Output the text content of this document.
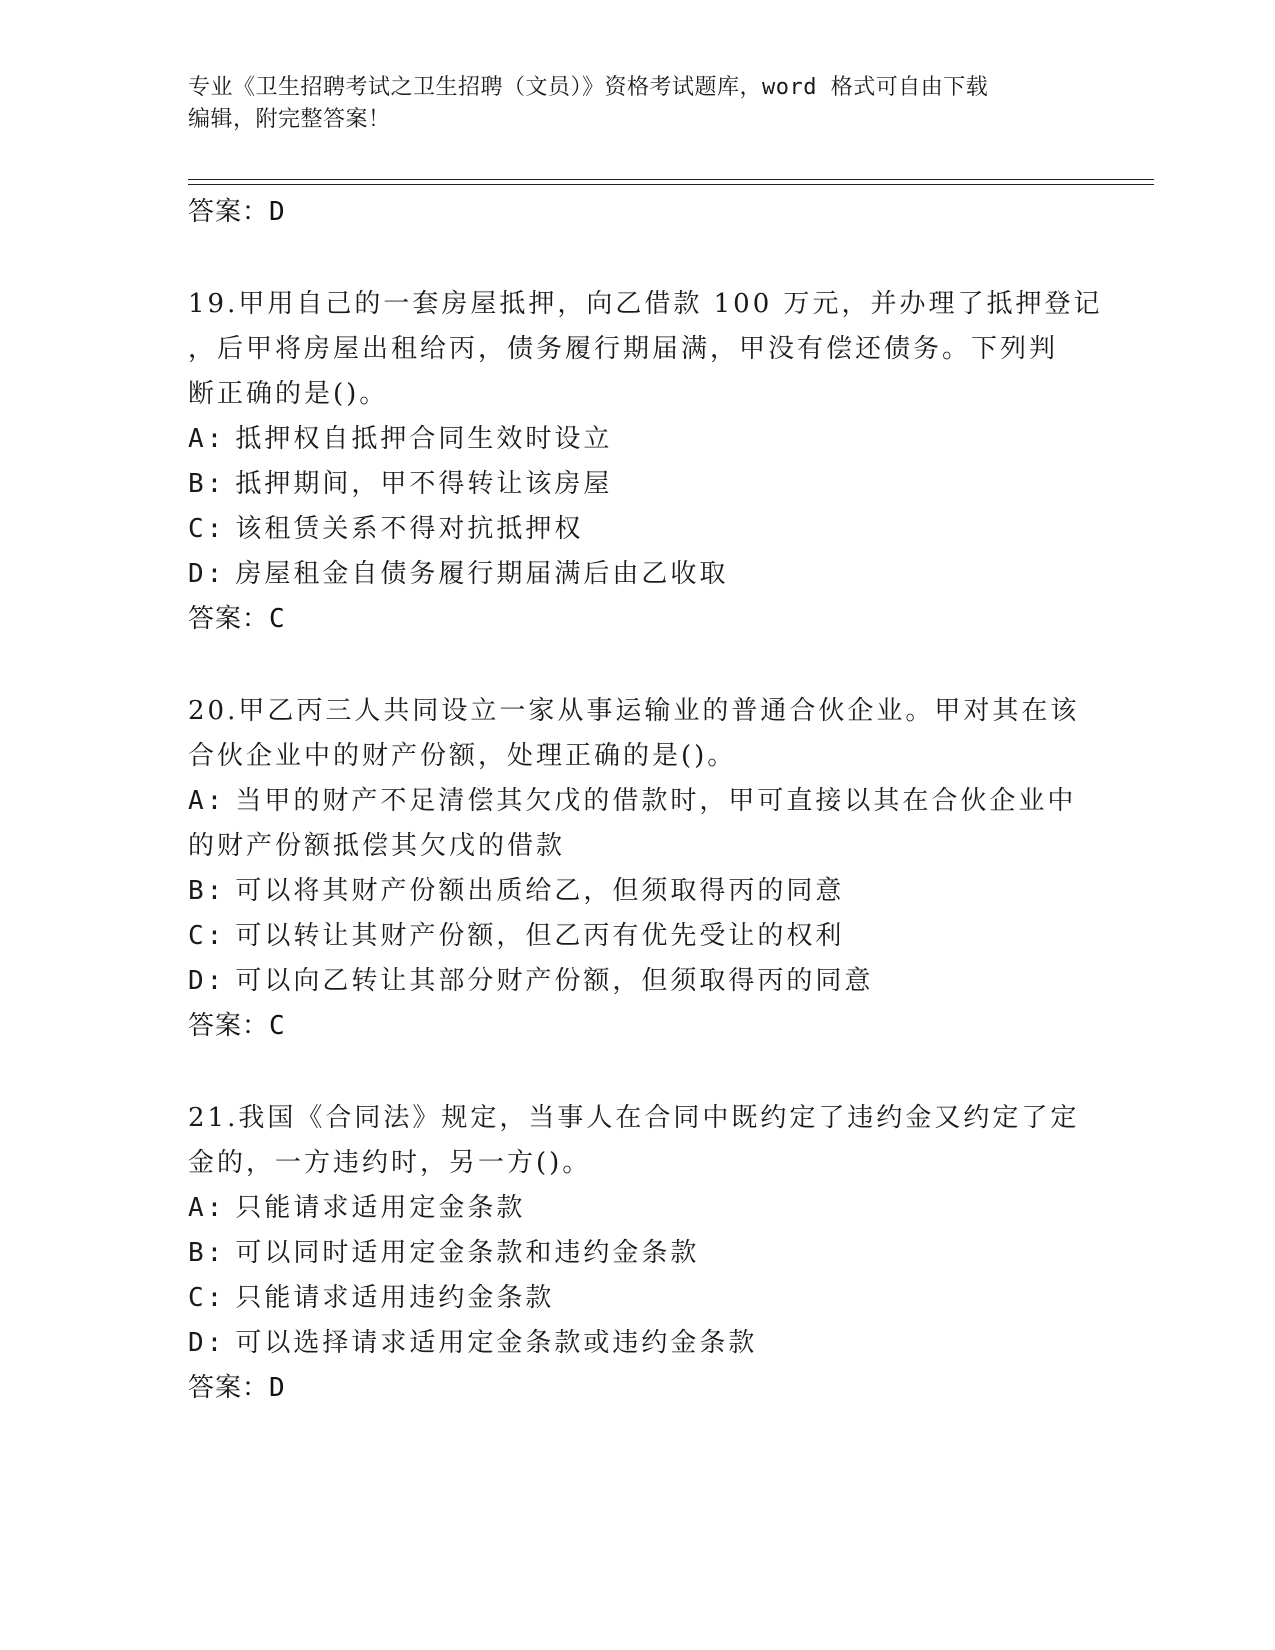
专业《卫生招聘考试之卫生招聘（文员）》资格考试题库，word 格式可自由下载
编辑，附完整答案！
答案：D
19.甲用自己的一套房屋抵押，向乙借款 100 万元，并办理了抵押登记
，后甲将房屋出租给丙，债务履行期届满，甲没有偿还债务。下列判
断正确的是()。
A: 抵押权自抵押合同生效时设立
B: 抵押期间，甲不得转让该房屋
C: 该租赁关系不得对抗抵押权
D: 房屋租金自债务履行期届满后由乙收取
答案：C
20.甲乙丙三人共同设立一家从事运输业的普通合伙企业。甲对其在该
合伙企业中的财产份额，处理正确的是()。
A: 当甲的财产不足清偿其欠戊的借款时，甲可直接以其在合伙企业中
的财产份额抵偿其欠戊的借款
B: 可以将其财产份额出质给乙，但须取得丙的同意
C: 可以转让其财产份额，但乙丙有优先受让的权利
D: 可以向乙转让其部分财产份额，但须取得丙的同意
答案：C
21.我国《合同法》规定，当事人在合同中既约定了违约金又约定了定
金的，一方违约时，另一方()。
A: 只能请求适用定金条款
B: 可以同时适用定金条款和违约金条款
C: 只能请求适用违约金条款
D: 可以选择请求适用定金条款或违约金条款
答案：D
